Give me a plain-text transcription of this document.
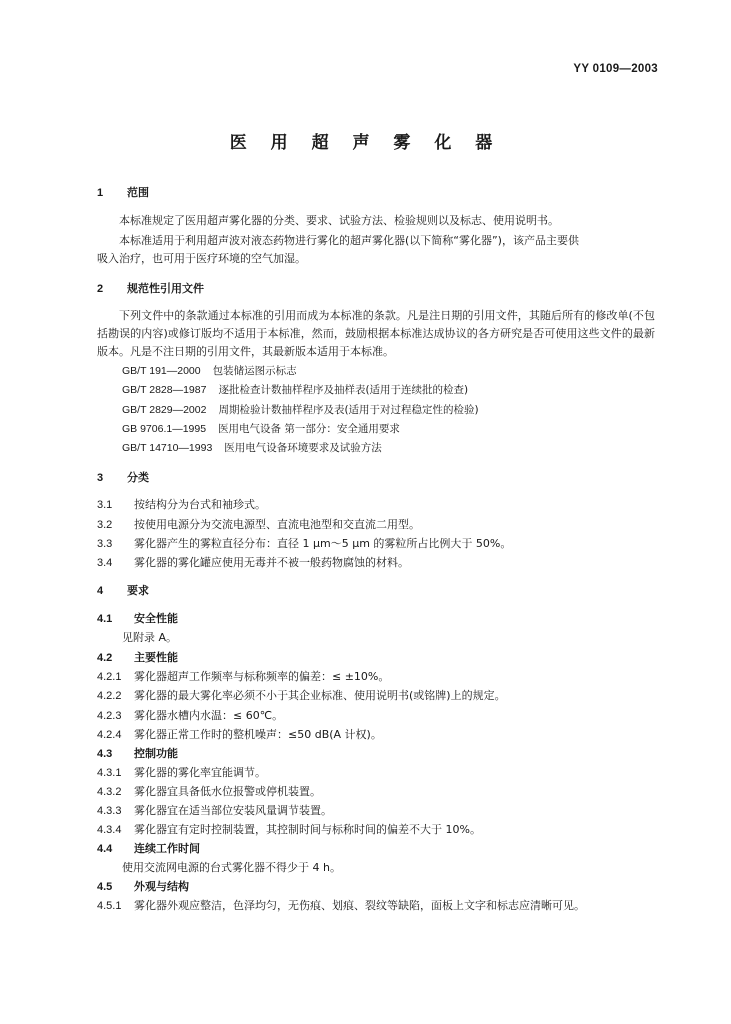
YY 0109—2003
医 用 超 声 雾 化 器
1 范围
本标准规定了医用超声雾化器的分类、要求、试验方法、检验规则以及标志、使用说明书。
本标准适用于利用超声波对液态药物进行雾化的超声雾化器(以下简称“雾化器”)，该产品主要供
吸入治疗，也可用于医疗环境的空气加湿。
2 规范性引用文件
下列文件中的条款通过本标准的引用而成为本标准的条款。凡是注日期的引用文件，其随后所有的修改单(不包括勘误的内容)或修订版均不适用于本标准，然而，鼓励根据本标准达成协议的各方研究是否可使用这些文件的最新版本。凡是不注日期的引用文件，其最新版本适用于本标准。
GB/T 191—2000 包装储运图示标志
GB/T 2828—1987 逐批检查计数抽样程序及抽样表(适用于连续批的检查)
GB/T 2829—2002 周期检验计数抽样程序及表(适用于对过程稳定性的检验)
GB 9706.1—1995 医用电气设备 第一部分：安全通用要求
GB/T 14710—1993 医用电气设备环境要求及试验方法
3 分类
3.1 按结构分为台式和袖珍式。
3.2 按使用电源分为交流电源型、直流电池型和交直流二用型。
3.3 雾化器产生的雾粒直径分布：直径 1 μm～5 μm 的雾粒所占比例大于 50%。
3.4 雾化器的雾化罐应使用无毒并不被一般药物腐蚀的材料。
4 要求
4.1 安全性能
见附录 A。
4.2 主要性能
4.2.1 雾化器超声工作频率与标称频率的偏差：≤ ±10%。
4.2.2 雾化器的最大雾化率必须不小于其企业标准、使用说明书(或铭牌)上的规定。
4.2.3 雾化器水槽内水温：≤ 60℃。
4.2.4 雾化器正常工作时的整机噪声：≤50 dB(A 计权)。
4.3 控制功能
4.3.1 雾化器的雾化率宜能调节。
4.3.2 雾化器宜具备低水位报警或停机装置。
4.3.3 雾化器宜在适当部位安装风量调节装置。
4.3.4 雾化器宜有定时控制装置，其控制时间与标称时间的偏差不大于 10%。
4.4 连续工作时间
使用交流网电源的台式雾化器不得少于 4 h。
4.5 外观与结构
4.5.1 雾化器外观应整洁，色泽均匀，无伤痕、划痕、裂纹等缺陷，面板上文字和标志应清晰可见。
